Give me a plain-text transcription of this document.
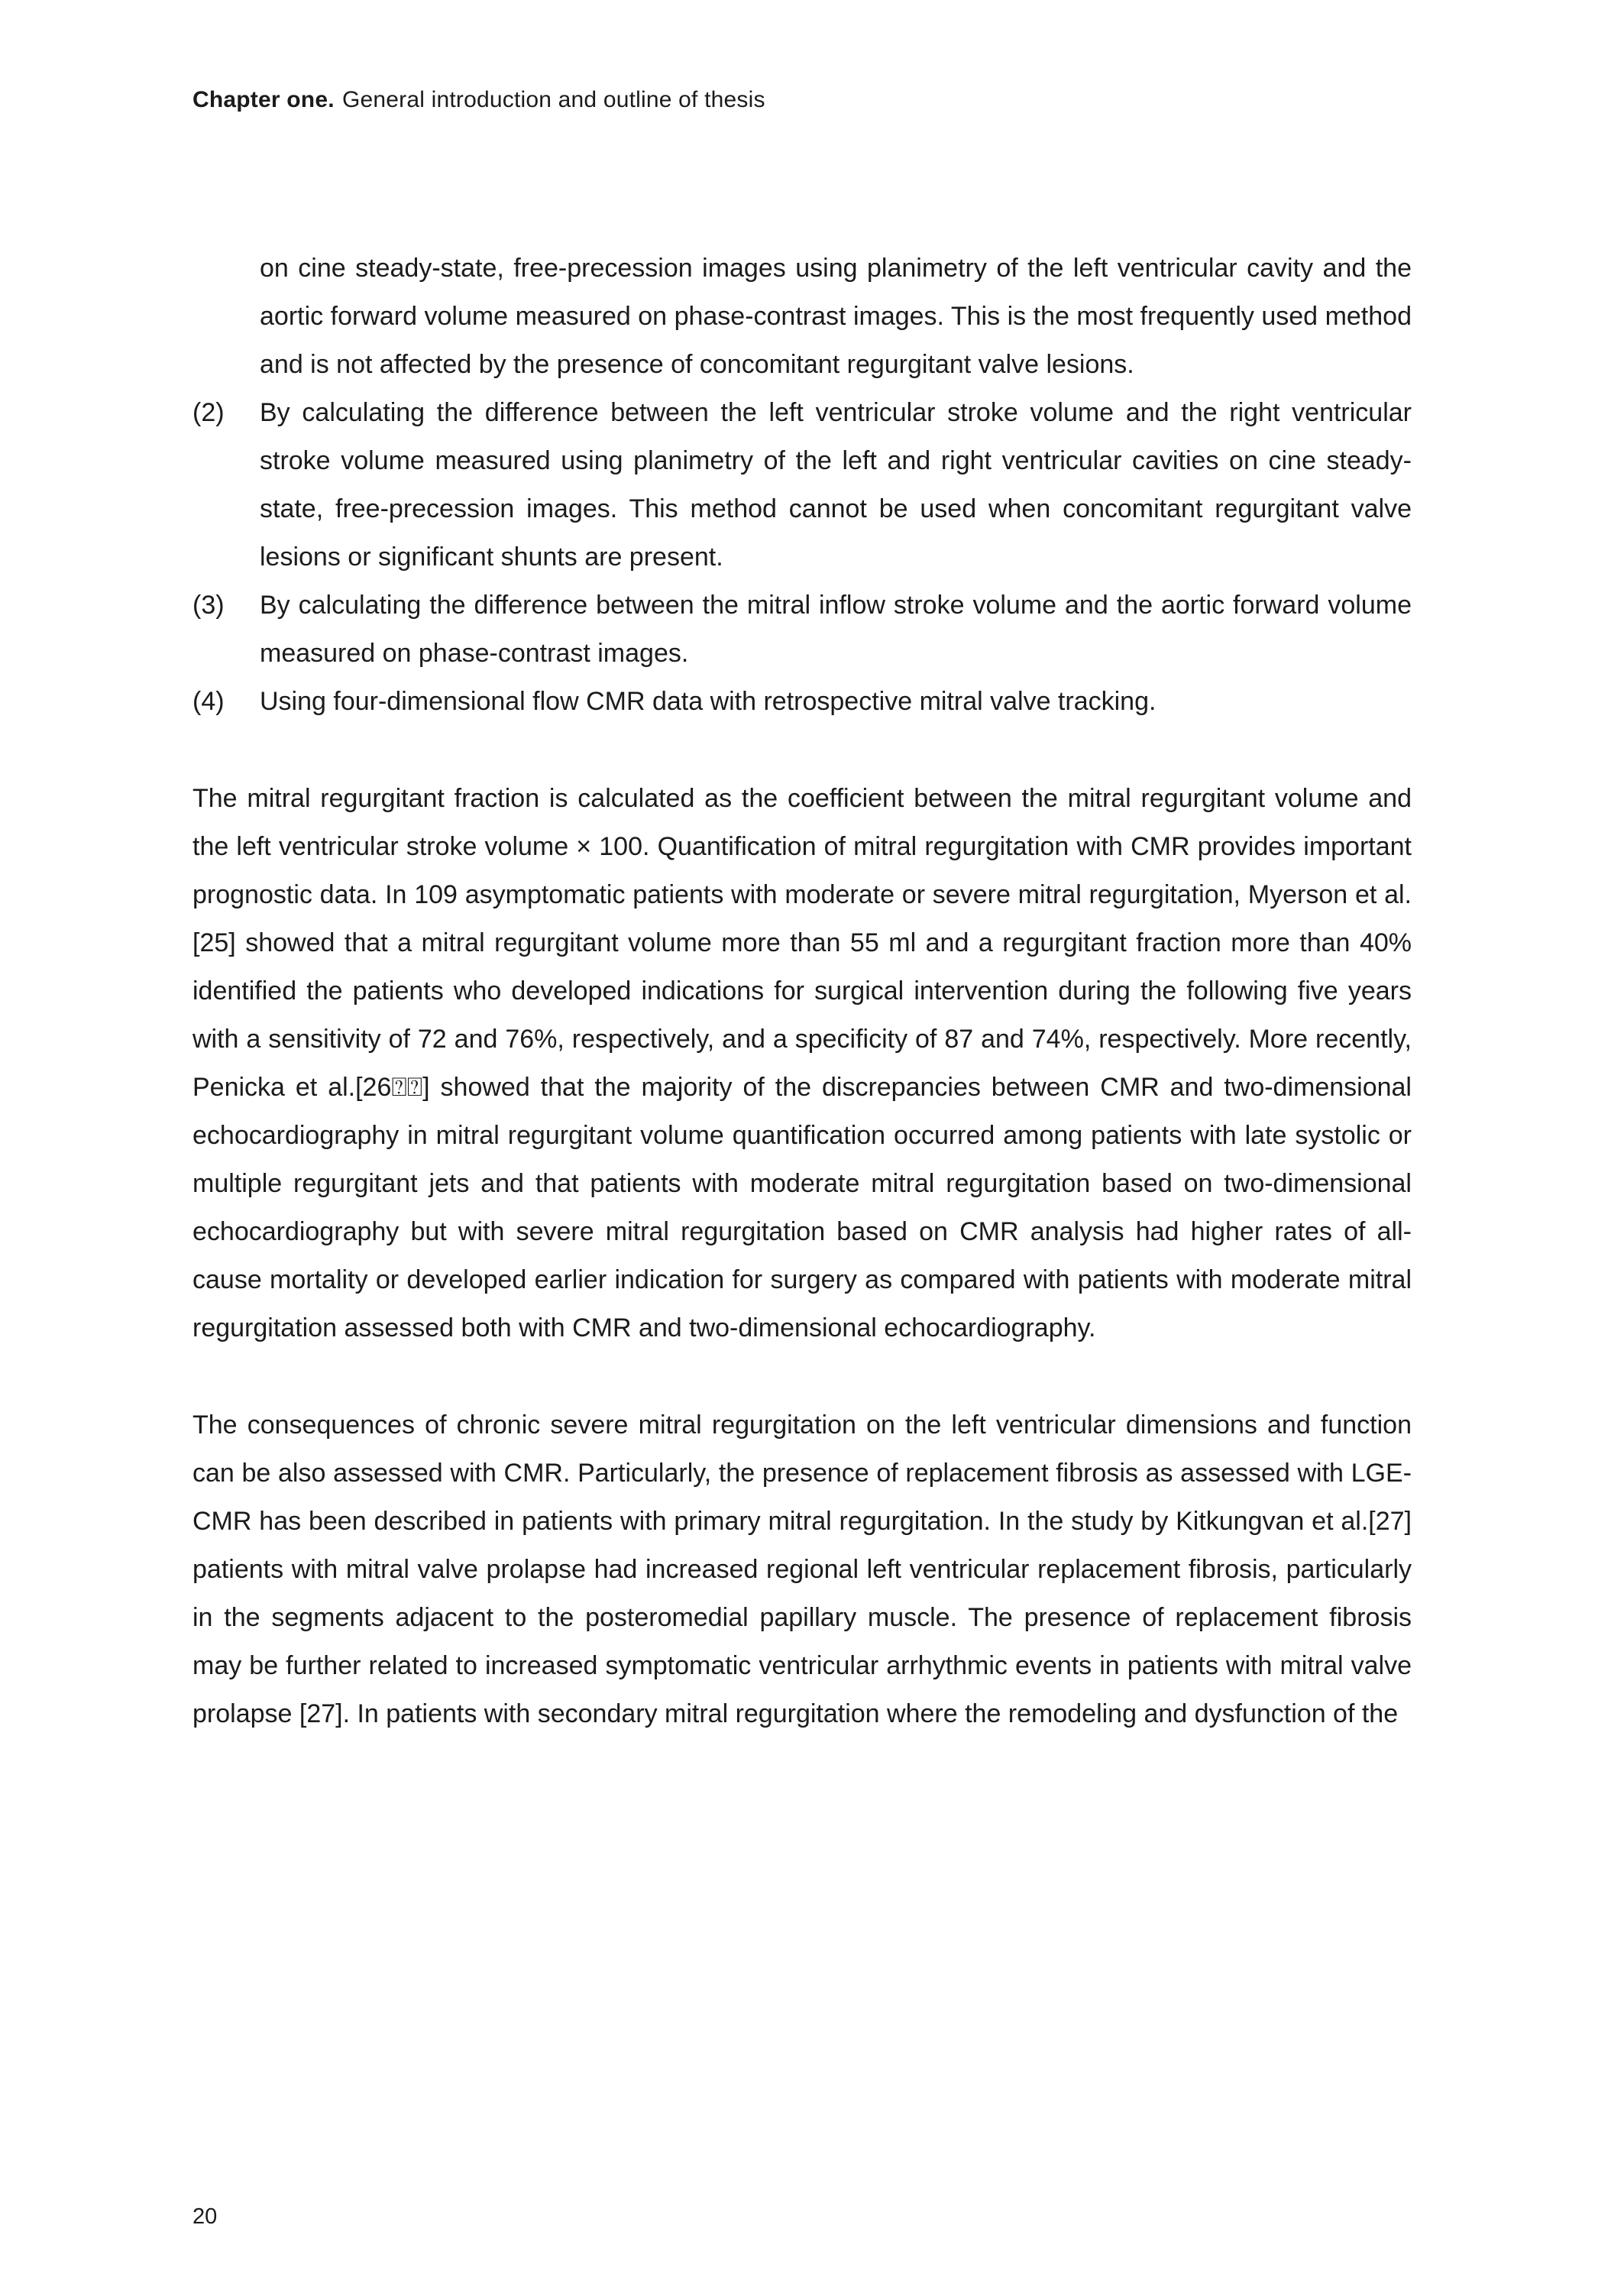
Chapter one. General introduction and outline of thesis

on cine steady-state, free-precession images using planimetry of the left ventricular cavity and the aortic forward volume measured on phase-contrast images. This is the most frequently used method and is not affected by the presence of concomitant regurgitant valve lesions.

(2)	By calculating the difference between the left ventricular stroke volume and the right ventricular stroke volume measured using planimetry of the left and right ventricular cavities on cine steady-state, free-precession images. This method cannot be used when concomitant regurgitant valve lesions or significant shunts are present.

(3)	By calculating the difference between the mitral inflow stroke volume and the aortic forward volume measured on phase-contrast images.

(4)	Using four-dimensional flow CMR data with retrospective mitral valve tracking.

The mitral regurgitant fraction is calculated as the coefficient between the mitral regurgitant volume and the left ventricular stroke volume × 100. Quantification of mitral regurgitation with CMR provides important prognostic data. In 109 asymptomatic patients with moderate or severe mitral regurgitation, Myerson et al.[25] showed that a mitral regurgitant volume more than 55 ml and a regurgitant fraction more than 40% identified the patients who developed indications for surgical intervention during the following five years with a sensitivity of 72 and 76%, respectively, and a specificity of 87 and 74%, respectively. More recently, Penicka et al.[26⍰⍰] showed that the majority of the discrepancies between CMR and two-dimensional echocardiography in mitral regurgitant volume quantification occurred among patients with late systolic or multiple regurgitant jets and that patients with moderate mitral regurgitation based on two-dimensional echocardiography but with severe mitral regurgitation based on CMR analysis had higher rates of all-cause mortality or developed earlier indication for surgery as compared with patients with moderate mitral regurgitation assessed both with CMR and two-dimensional echocardiography.

The consequences of chronic severe mitral regurgitation on the left ventricular dimensions and function can be also assessed with CMR. Particularly, the presence of replacement fibrosis as assessed with LGE-CMR has been described in patients with primary mitral regurgitation. In the study by Kitkungvan et al.[27] patients with mitral valve prolapse had increased regional left ventricular replacement fibrosis, particularly in the segments adjacent to the posteromedial papillary muscle. The presence of replacement fibrosis may be further related to increased symptomatic ventricular arrhythmic events in patients with mitral valve prolapse [27]. In patients with secondary mitral regurgitation where the remodeling and dysfunction of the

20
